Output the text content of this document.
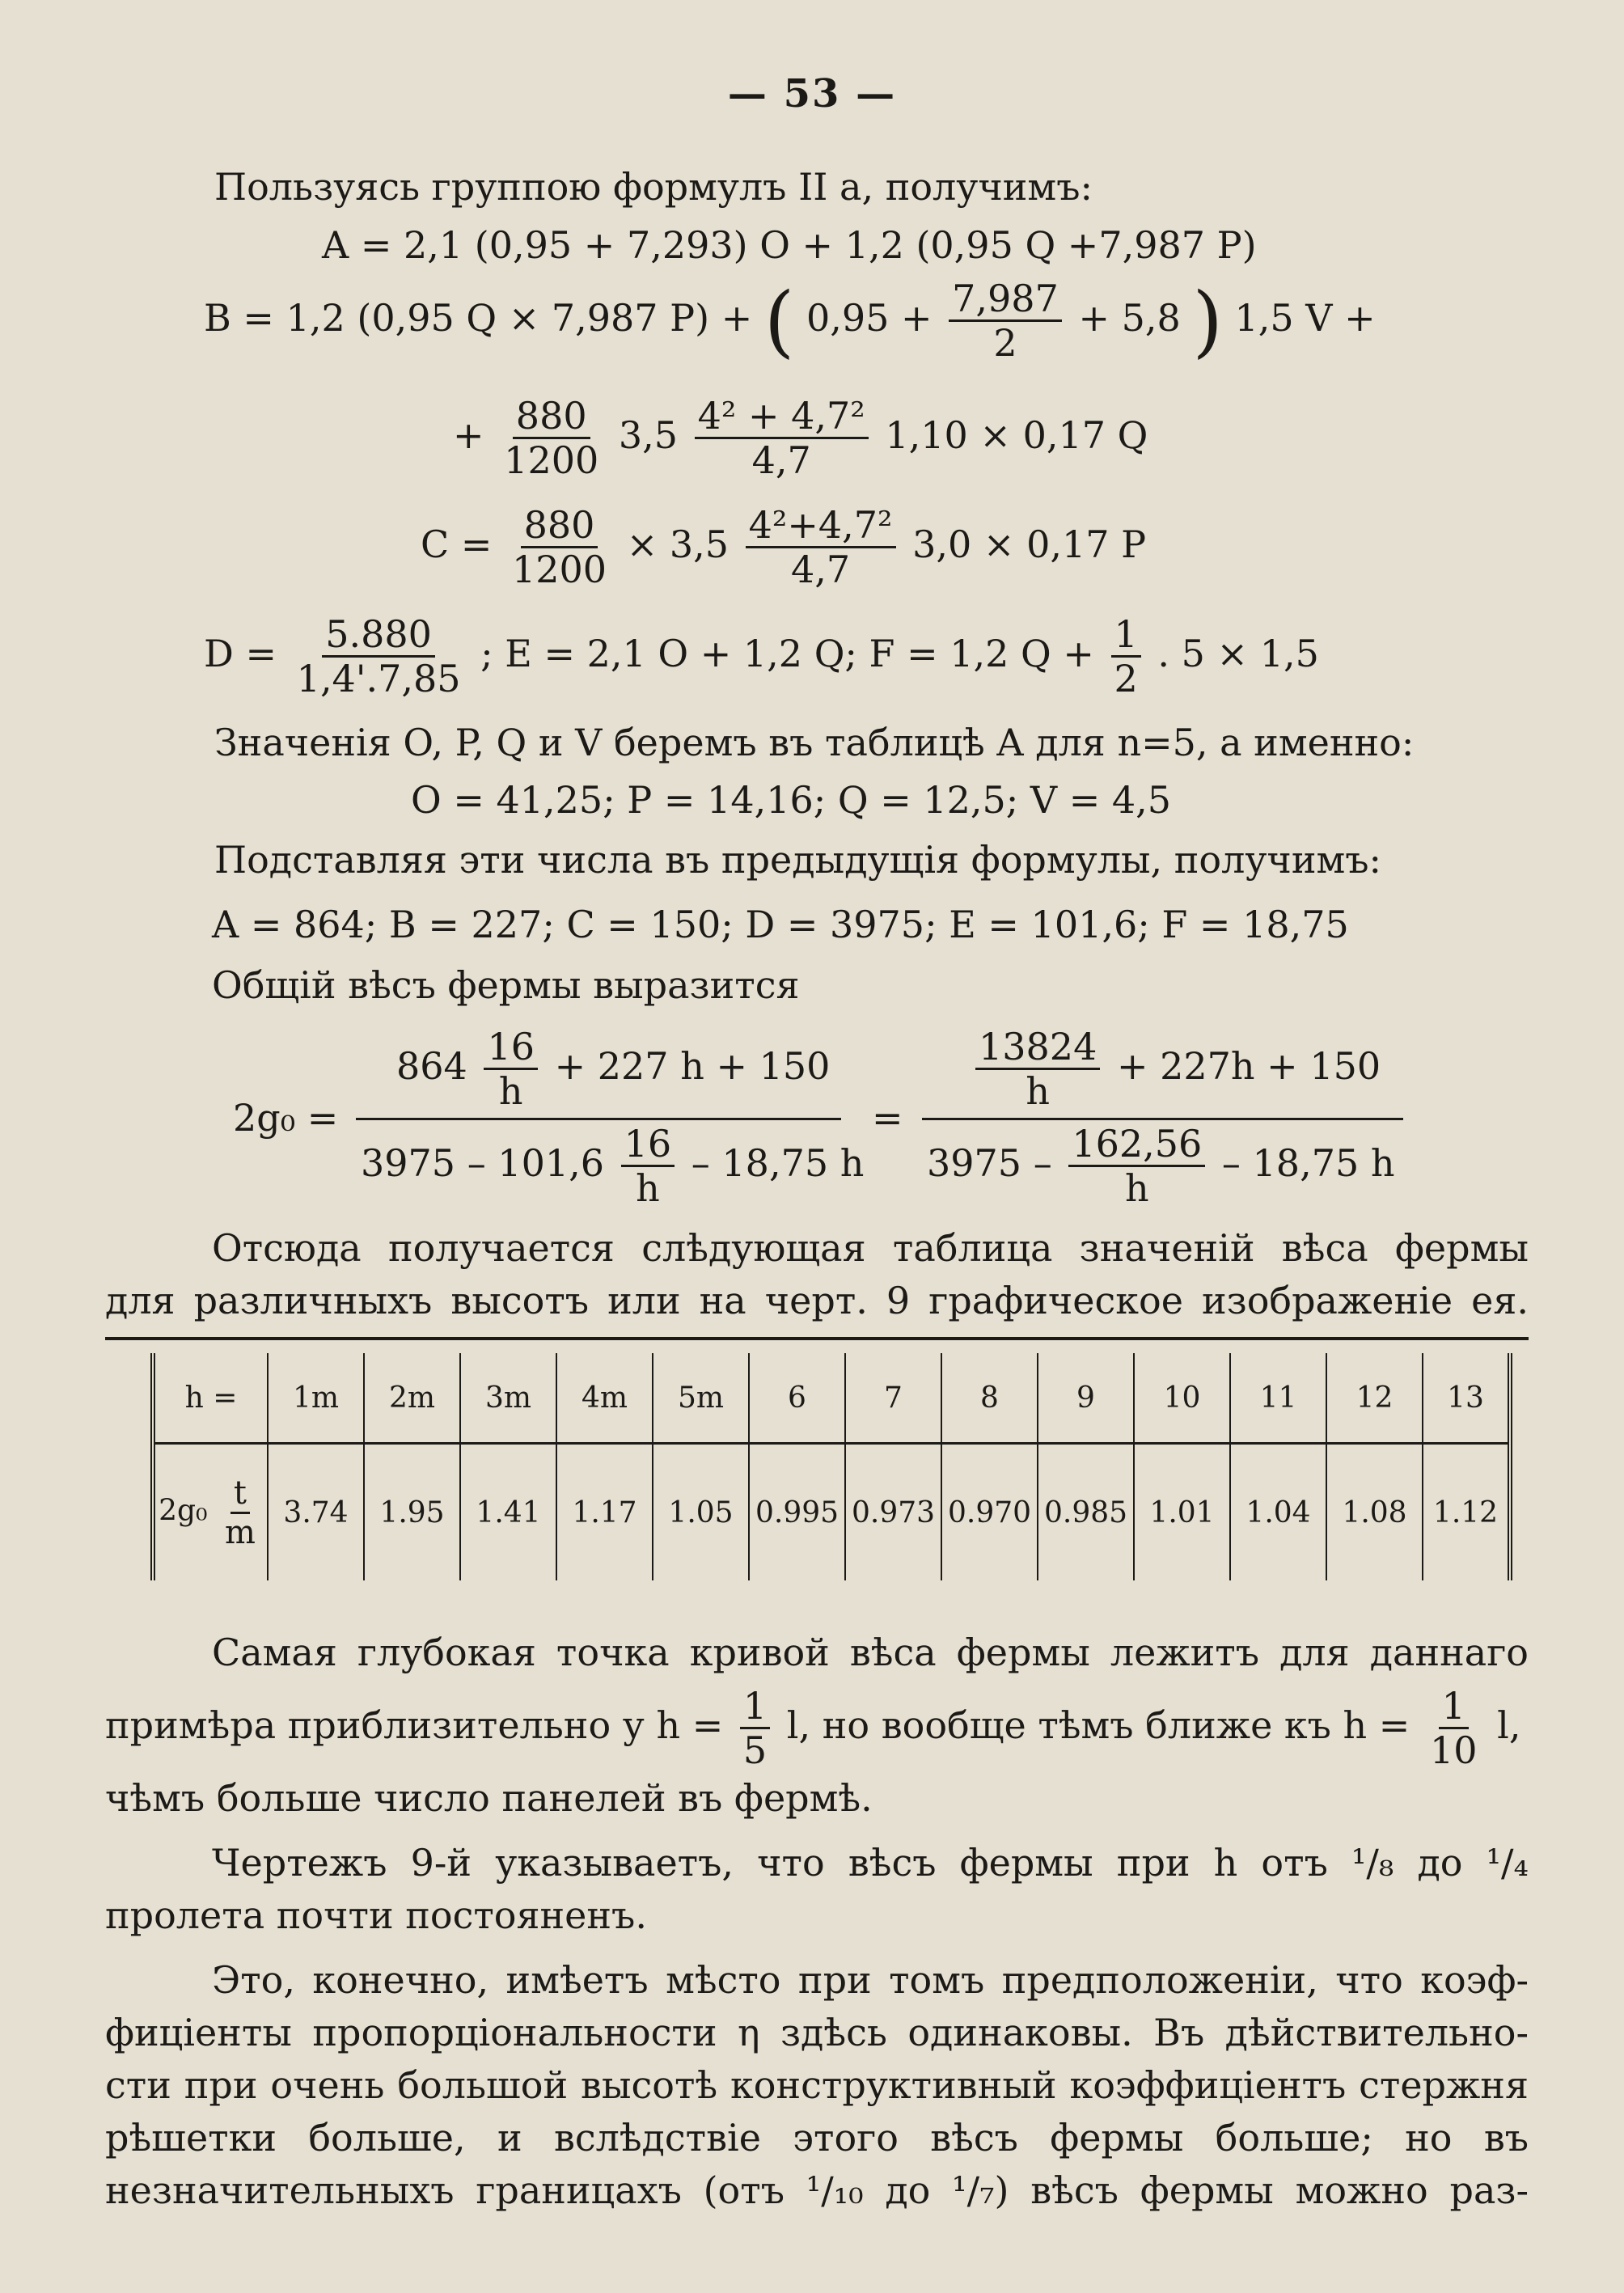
— 53 —
Пользуясь группою формулъ II a, получимъ:
A = 2,1 (0,95 + 7,293) O + 1,2 (0,95 Q +7,987 P)
B = 1,2 (0,95 Q × 7,987 P) + ( $0,95 + \frac{7,987}{2} + 5,8$ ) 1,5 V +
+ $\frac{880}{1200} 3,5 \frac{\text{4² + 4,7²}}{4,7} 1,10 \times 0,17$ Q
$C = \frac{880}{1200} \times 3,5 \frac{\text{4²+4,7²}}{4,7} 3,0 \times 0,17$ P
$D = \frac{5.880}{1,4'.7,85}$ ; E = 2,1 O + 1,2 Q; F = 1,2 $Q + \frac{1}{2}$ . 5 × 1,5
Значенія O, P, Q и V беремъ въ таблицѣ A для n=5, а именно:
O = 41,25; P = 14,16; Q = 12,5; V = 4,5
Подставляя эти числа въ предыдущія формулы, получимъ:
A = 864; B = 227; C = 150; D = 3975; E = 101,6; F = 18,75
Общій вѣсъ фермы выразится
2g₀ =
$864 \frac{16}{h} + 227$ h + 150
$3975 - 101,6 \frac{16}{h} - 18,75$ h
=
$\frac{13824}{h} + 227h + 150$
$3975 - \frac{162,56}{h} - 18,75$ h
Отсюда получается слѣдующая таблица значеній вѣса фермы
для различныхъ высотъ или на черт. 9 графическое изображеніе ея.
h =	1m	2m	3m	4m	5m	6	7	8	9	10	11	12	13
$2g_0 \frac{t}{m}$	3.74	1.95	1.41	1.17	1.05	0.995	0.973	0.970	0.985	1.01	1.04	1.08	1.12
Самая глубокая точка кривой вѣса фермы лежитъ для даннаго
примѣра приблизительно у $h = \frac{1}{5} l$, но вообще тѣмъ ближе къ $h = \frac{1}{10} l$,
чѣмъ больше число панелей въ фермѣ.
Чертежъ 9-й указываетъ, что вѣсъ фермы при h отъ ¹/₈ до ¹/₄
пролета почти постояненъ.
Это, конечно, имѣетъ мѣсто при томъ предположеніи, что коэф-
фиціенты пропорціональности η здѣсь одинаковы. Въ дѣйствительно-
сти при очень большой высотѣ конструктивный коэффиціентъ стержня
рѣшетки больше, и вслѣдствіе этого вѣсъ фермы больше; но въ
незначительныхъ границахъ (отъ ¹/₁₀ до ¹/₇) вѣсъ фермы можно раз-
